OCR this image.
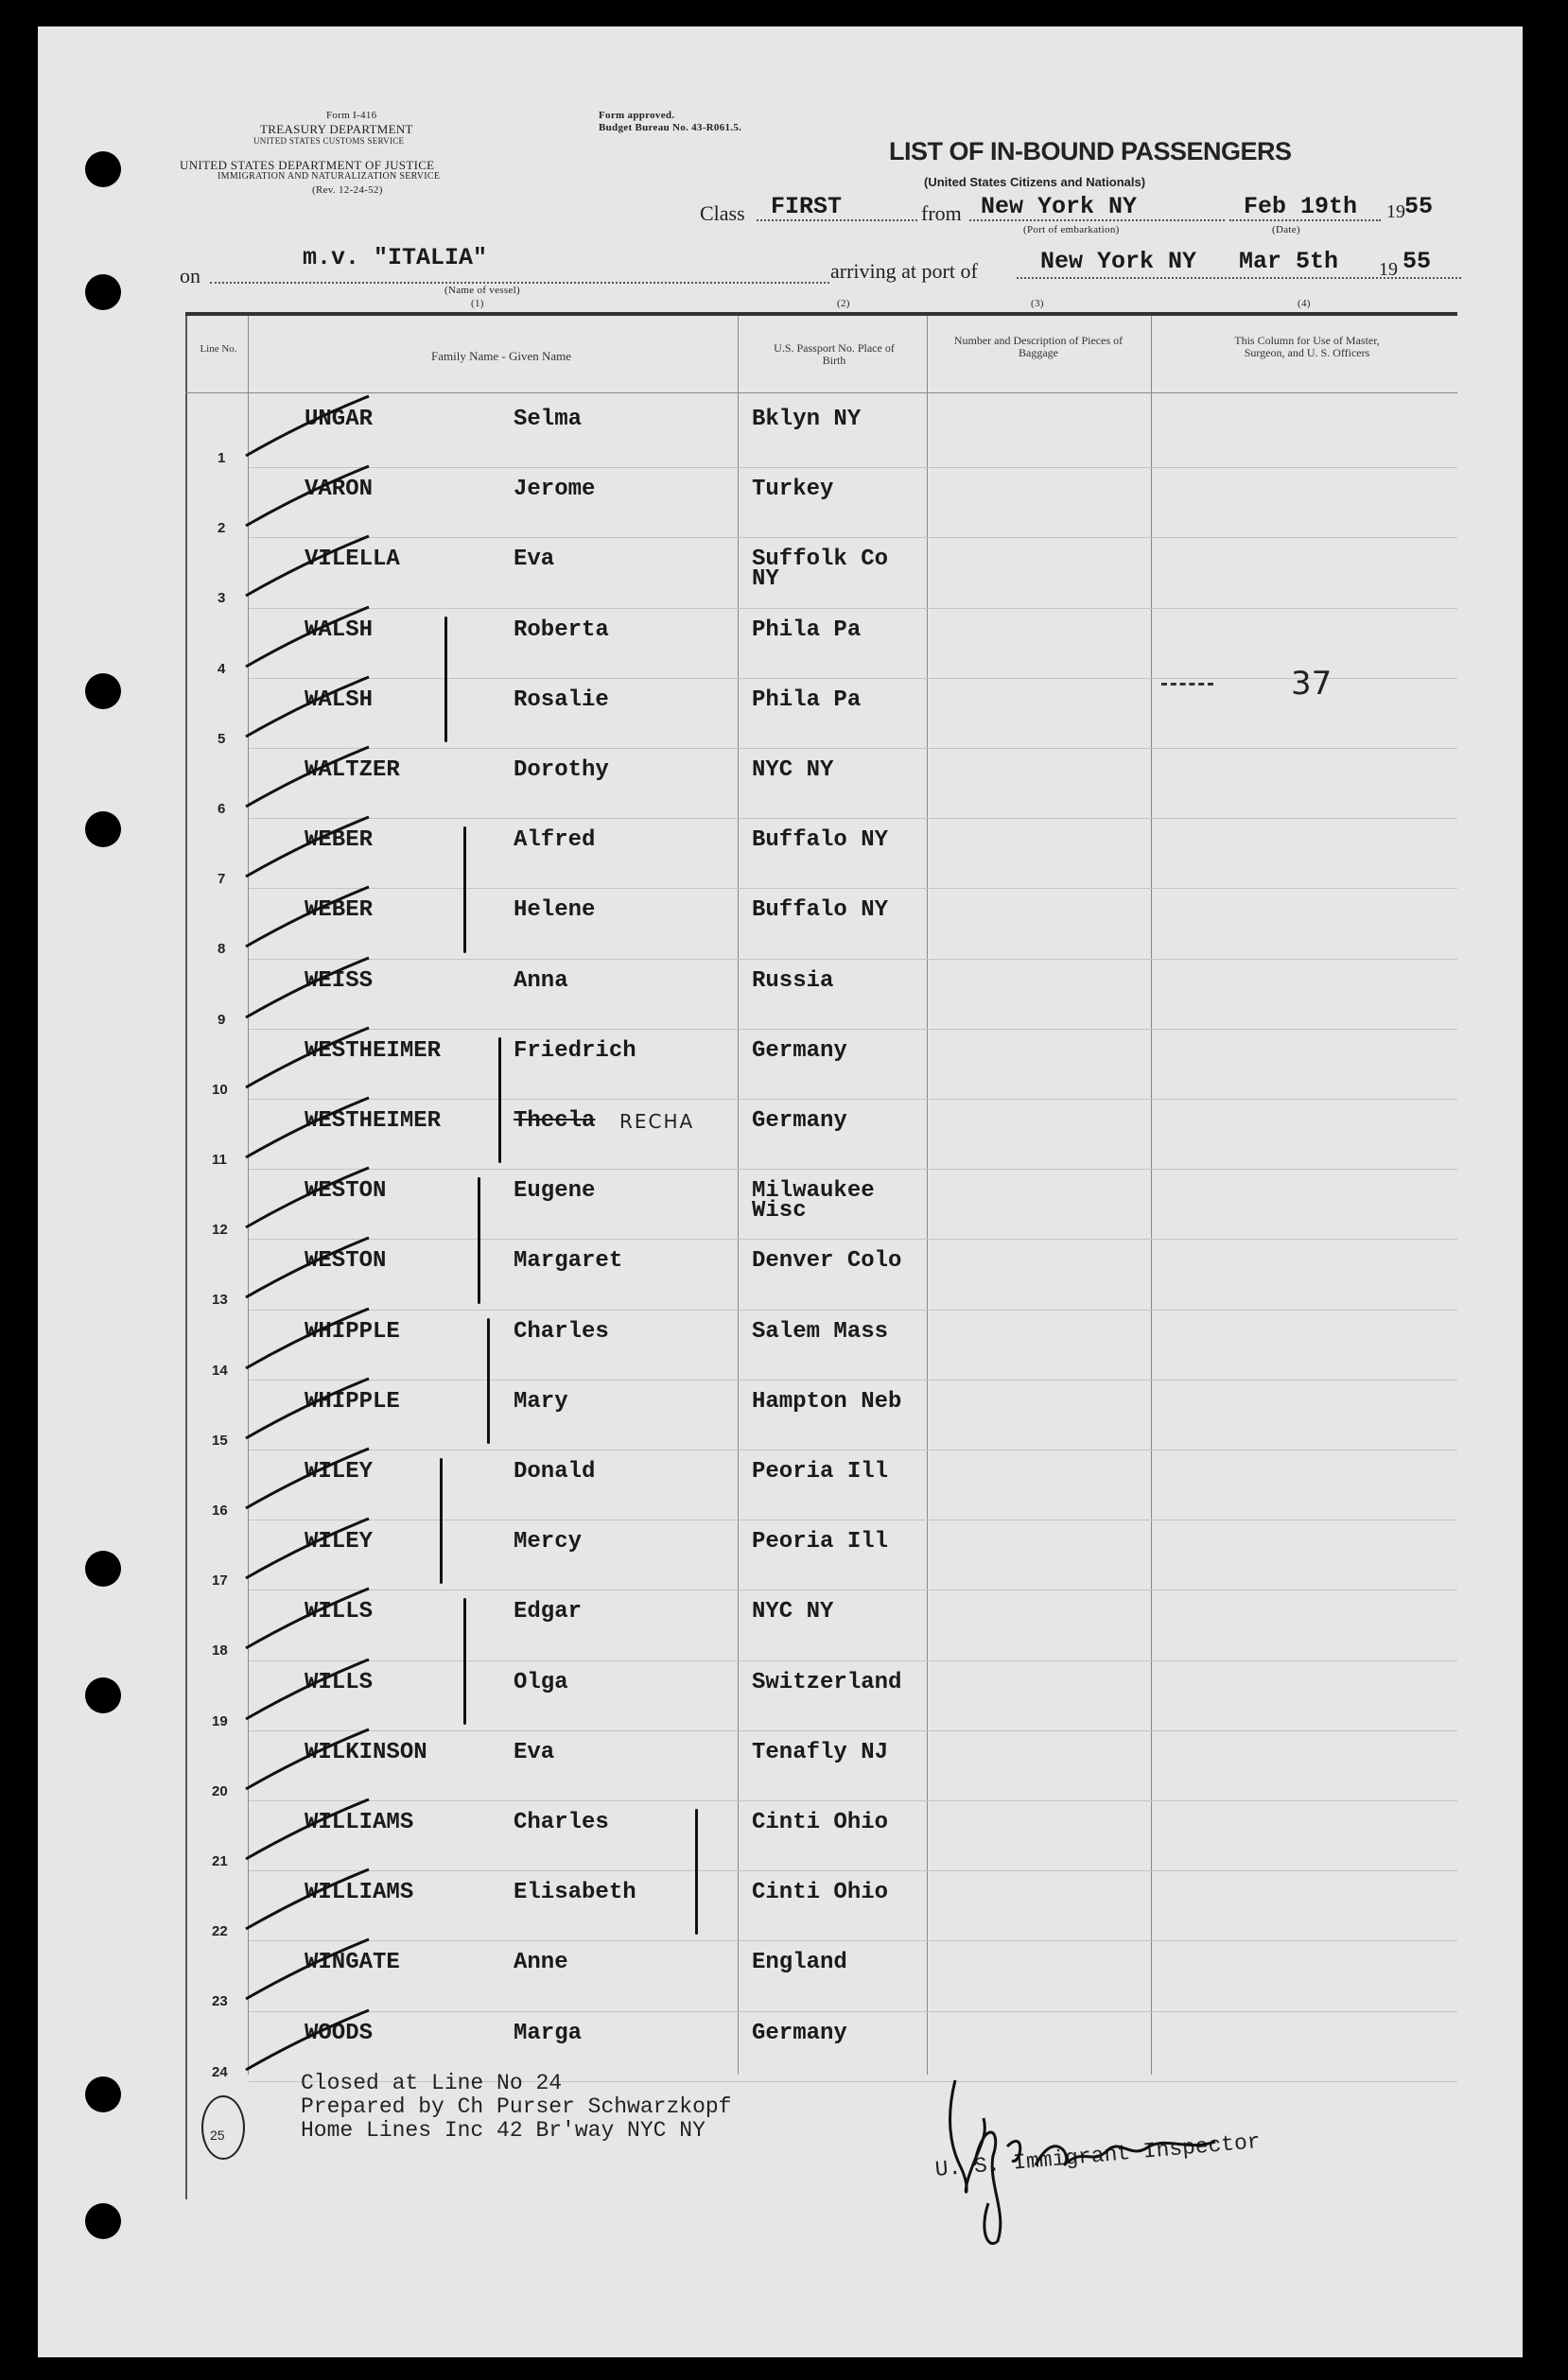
Form I-416
TREASURY DEPARTMENT
UNITED STATES CUSTOMS SERVICE
UNITED STATES DEPARTMENT OF JUSTICE
IMMIGRATION AND NATURALIZATION SERVICE
(Rev. 12-24-52)
Form approved.
Budget Bureau No. 43-R061.5.
LIST OF IN-BOUND PASSENGERS
(United States Citizens and Nationals)
Class FIRST	from New York NY
(Port of embarkation)
Feb 19th
(Date)
19 55
on
m.v. "ITALIA"
(Name of vessel)
(1)
arriving at port of	New York NY Mar 5th 19 55
(2)	(3)	(4)
Line No.	Family Name - Given Name
U.S. Passport No. Place of Birth
Number and Description of Pieces of Baggage
This Column for Use of Master, Surgeon, and U. S. Officers
UNGAR	Selma	Bklyn NY
1
VARON	Jerome	Turkey
2
VILELLA	Eva	Suffolk Co
NY
3
WALSH	Roberta	Phila Pa
4
WALSH	Rosalie	Phila Pa
5
WALTZER	Dorothy	NYC NY
6
WEBER	Alfred	Buffalo NY
7
WEBER	Helene	Buffalo NY
8
WEISS	Anna	Russia
9
WESTHEIMER	Friedrich	Germany
10
WESTHEIMER	Thecla RECHA	Germany
11
WESTON	Eugene	Milwaukee
Wisc
12
WESTON	Margaret	Denver Colo
13
WHIPPLE	Charles	Salem Mass
14
WHIPPLE	Mary	Hampton Neb
15
WILEY	Donald	Peoria Ill
16
WILEY	Mercy	Peoria Ill
17
WILLS	Edgar	NYC NY
18
WILLS	Olga	Switzerland
19
WILKINSON	Eva	Tenafly NJ
20
WILLIAMS	Charles	Cinti Ohio
21
WILLIAMS	Elisabeth	Cinti Ohio
22
WINGATE	Anne	England
23
WOODS	Marga	Germany
24
37
25
Closed at Line No 24
Prepared by Ch Purser Schwarzkopf
Home Lines Inc 42 Br'way NYC NY	U. S. Immigrant Inspector
